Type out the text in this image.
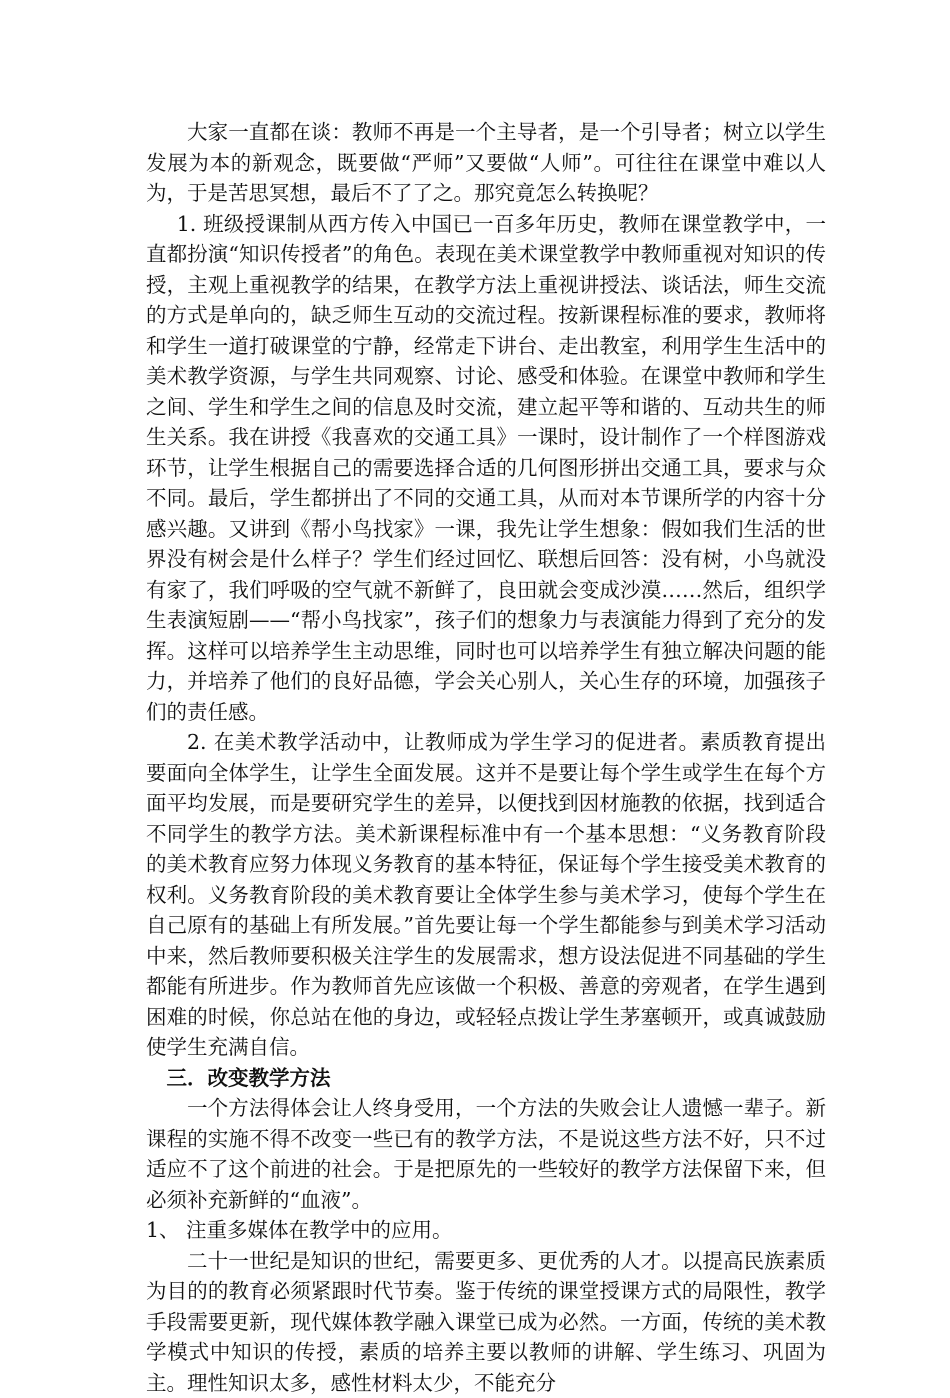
大家一直都在谈：教师不再是一个主导者，是一个引导者；树立以学生发展为本的新观念，既要做“严师”又要做“人师”。可往往在课堂中难以人为，于是苦思冥想，最后不了了之。那究竟怎么转换呢？

1. 班级授课制从西方传入中国已一百多年历史，教师在课堂教学中，一直都扮演“知识传授者”的角色。表现在美术课堂教学中教师重视对知识的传授，主观上重视教学的结果，在教学方法上重视讲授法、谈话法，师生交流的方式是单向的，缺乏师生互动的交流过程。按新课程标准的要求，教师将和学生一道打破课堂的宁静，经常走下讲台、走出教室，利用学生生活中的美术教学资源，与学生共同观察、讨论、感受和体验。在课堂中教师和学生之间、学生和学生之间的信息及时交流，建立起平等和谐的、互动共生的师生关系。我在讲授《我喜欢的交通工具》一课时，设计制作了一个样图游戏环节，让学生根据自己的需要选择合适的几何图形拼出交通工具，要求与众不同。最后，学生都拼出了不同的交通工具，从而对本节课所学的内容十分感兴趣。又讲到《帮小鸟找家》一课，我先让学生想象：假如我们生活的世界没有树会是什么样子？学生们经过回忆、联想后回答：没有树，小鸟就没有家了，我们呼吸的空气就不新鲜了，良田就会变成沙漠……然后，组织学生表演短剧——“帮小鸟找家”，孩子们的想象力与表演能力得到了充分的发挥。这样可以培养学生主动思维，同时也可以培养学生有独立解决问题的能力，并培养了他们的良好品德，学会关心别人，关心生存的环境，加强孩子们的责任感。

2. 在美术教学活动中，让教师成为学生学习的促进者。素质教育提出要面向全体学生，让学生全面发展。这并不是要让每个学生或学生在每个方面平均发展，而是要研究学生的差异，以便找到因材施教的依据，找到适合不同学生的教学方法。美术新课程标准中有一个基本思想：“义务教育阶段的美术教育应努力体现义务教育的基本特征，保证每个学生接受美术教育的权利。义务教育阶段的美术教育要让全体学生参与美术学习，使每个学生在自己原有的基础上有所发展。”首先要让每一个学生都能参与到美术学习活动中来，然后教师要积极关注学生的发展需求，想方设法促进不同基础的学生都能有所进步。作为教师首先应该做一个积极、善意的旁观者，在学生遇到困难的时候，你总站在他的身边，或轻轻点拨让学生茅塞顿开，或真诚鼓励使学生充满自信。

三．改变教学方法

一个方法得体会让人终身受用，一个方法的失败会让人遗憾一辈子。新课程的实施不得不改变一些已有的教学方法，不是说这些方法不好，只不过适应不了这个前进的社会。于是把原先的一些较好的教学方法保留下来，但必须补充新鲜的“血液”。

1、 注重多媒体在教学中的应用。

二十一世纪是知识的世纪，需要更多、更优秀的人才。以提高民族素质为目的的教育必须紧跟时代节奏。鉴于传统的课堂授课方式的局限性，教学手段需要更新，现代媒体教学融入课堂已成为必然。一方面，传统的美术教学模式中知识的传授，素质的培养主要以教师的讲解、学生练习、巩固为主。理性知识太多，感性材料太少，不能充分
